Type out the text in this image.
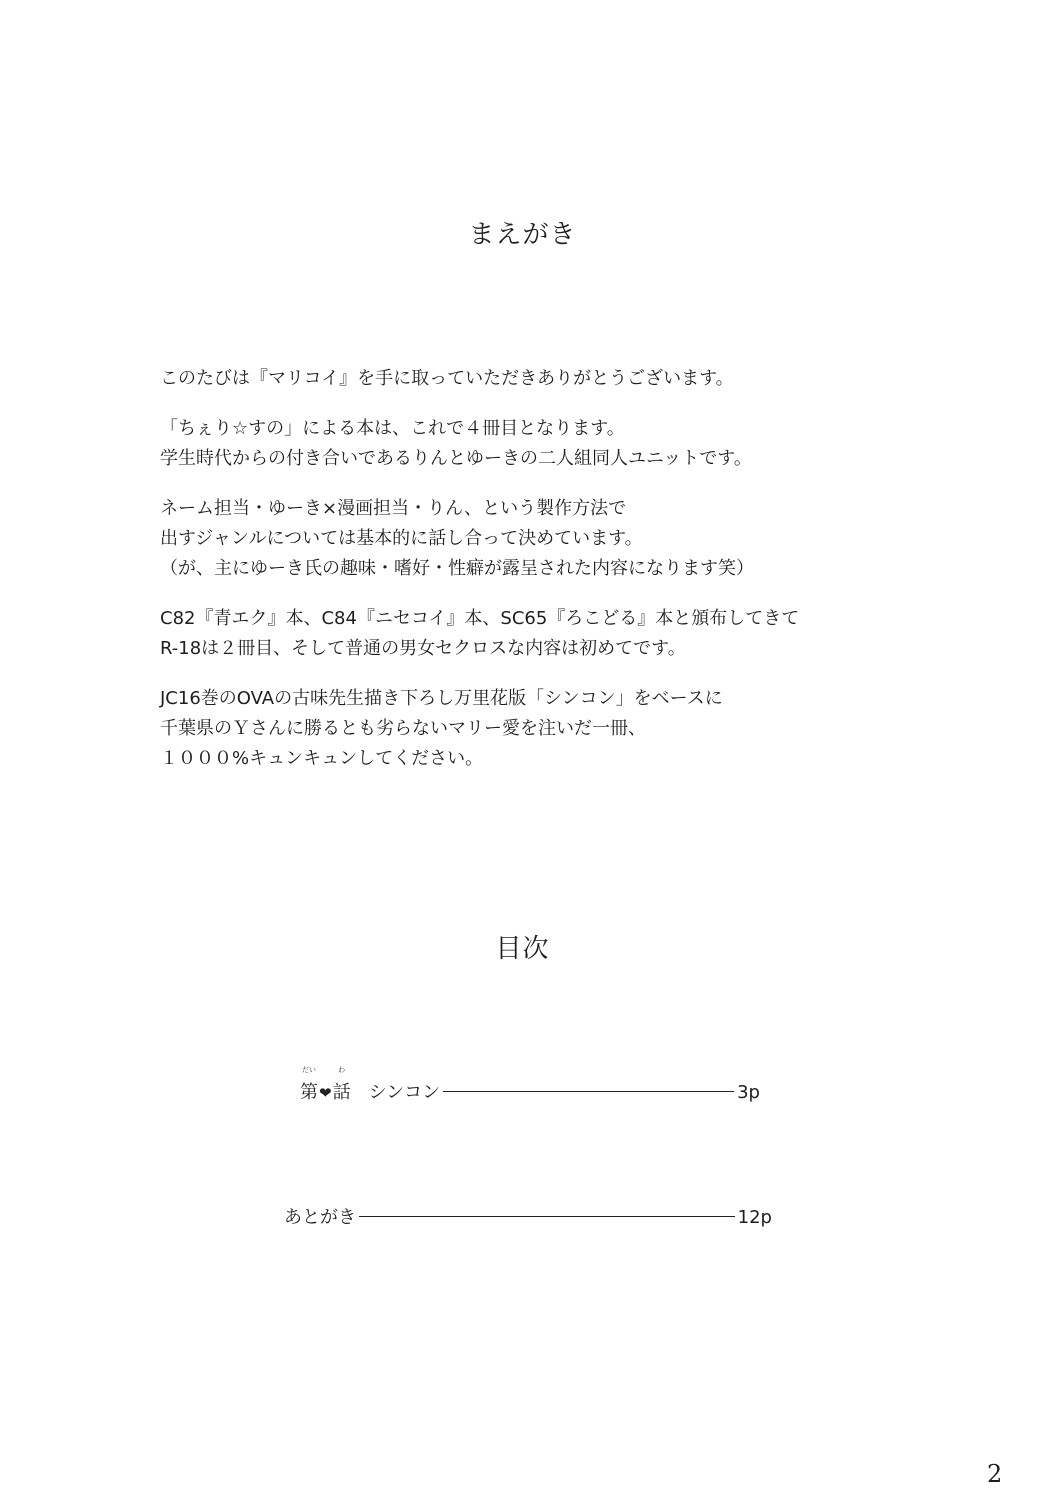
まえがき

このたびは『マリコイ』を手に取っていただきありがとうございます。

「ちぇり☆すの」による本は、これで４冊目となります。
学生時代からの付き合いであるりんとゆーきの二人組同人ユニットです。

ネーム担当・ゆーき×漫画担当・りん、という製作方法で
出すジャンルについては基本的に話し合って決めています。
（が、主にゆーき氏の趣味・嗜好・性癖が露呈された内容になります笑）

C82『青エク』本、C84『ニセコイ』本、SC65『ろこどる』本と頒布してきて
R-18は２冊目、そして普通の男女セクロスな内容は初めてです。

JC16巻のOVAの古味先生描き下ろし万里花版「シンコン」をベースに
千葉県のＹさんに勝るとも劣らないマリー愛を注いだ一冊、
１０００%キュンキュンしてください。

目次
だい
第❤
わ
話 シンコン	3p
あとがき	12p
2
